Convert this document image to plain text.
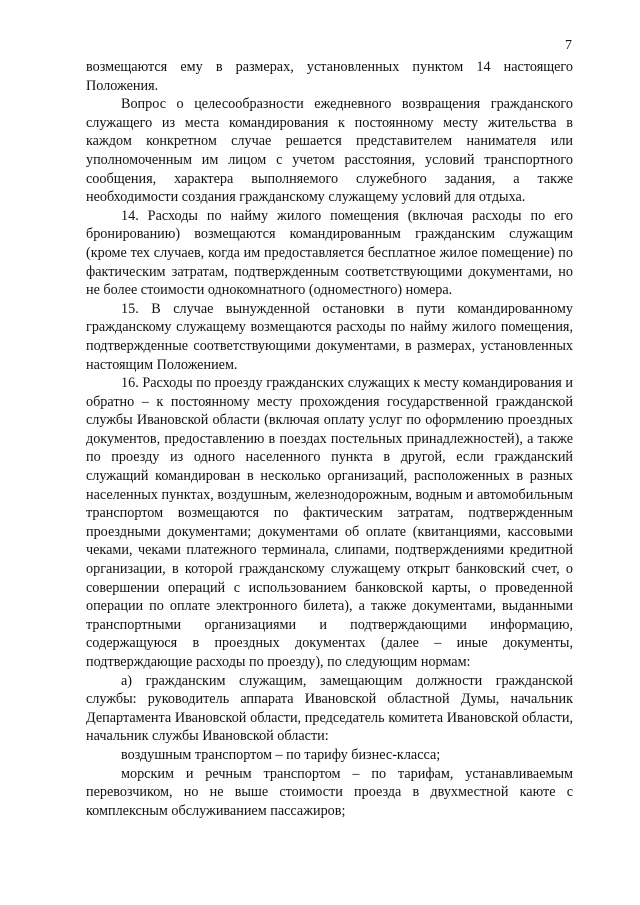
7

возмещаются ему в размерах, установленных пунктом 14 настоящего Положения.

Вопрос о целесообразности ежедневного возвращения гражданского служащего из места командирования к постоянному месту жительства в каждом конкретном случае решается представителем нанимателя или уполномоченным им лицом с учетом расстояния, условий транспортного сообщения, характера выполняемого служебного задания, а также необходимости создания гражданскому служащему условий для отдыха.

14. Расходы по найму жилого помещения (включая расходы по его бронированию) возмещаются командированным гражданским служащим (кроме тех случаев, когда им предоставляется бесплатное жилое помещение) по фактическим затратам, подтвержденным соответствующими документами, но не более стоимости однокомнатного (одноместного) номера.

15. В случае вынужденной остановки в пути командированному гражданскому служащему возмещаются расходы по найму жилого помещения, подтвержденные соответствующими документами, в размерах, установленных настоящим Положением.

16. Расходы по проезду гражданских служащих к месту командирования и обратно – к постоянному месту прохождения государственной гражданской службы Ивановской области (включая оплату услуг по оформлению проездных документов, предоставлению в поездах постельных принадлежностей), а также по проезду из одного населенного пункта в другой, если гражданский служащий командирован в несколько организаций, расположенных в разных населенных пунктах, воздушным, железнодорожным, водным и автомобильным транспортом возмещаются по фактическим затратам, подтвержденным проездными документами; документами об оплате (квитанциями, кассовыми чеками, чеками платежного терминала, слипами, подтверждениями кредитной организации, в которой гражданскому служащему открыт банковский счет, о совершении операций с использованием банковской карты, о проведенной операции по оплате электронного билета), а также документами, выданными транспортными организациями и подтверждающими информацию, содержащуюся в проездных документах (далее – иные документы, подтверждающие расходы по проезду), по следующим нормам:

а) гражданским служащим, замещающим должности гражданской службы: руководитель аппарата Ивановской областной Думы, начальник Департамента Ивановской области, председатель комитета Ивановской области, начальник службы Ивановской области:

воздушным транспортом – по тарифу бизнес-класса;

морским и речным транспортом – по тарифам, устанавливаемым перевозчиком, но не выше стоимости проезда в двухместной каюте с комплексным обслуживанием пассажиров;
